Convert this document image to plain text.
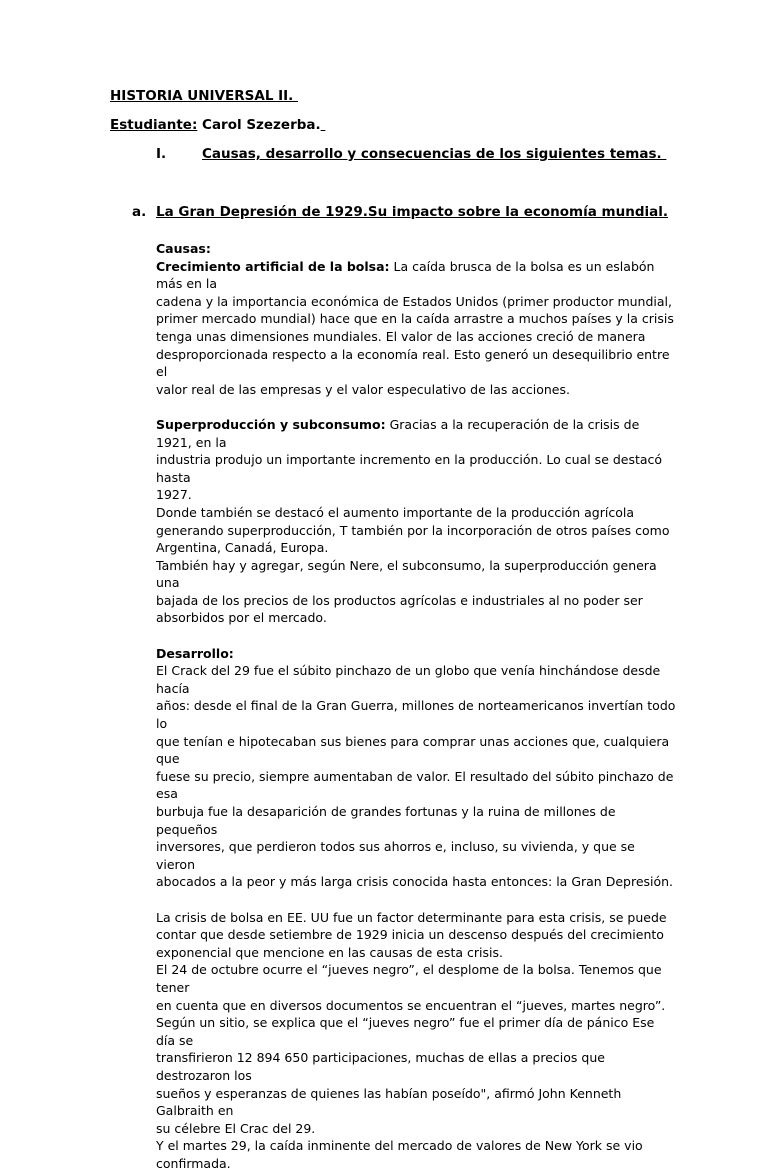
HISTORIA UNIVERSAL II.
Estudiante: Carol Szezerba.

I.

	Causas, desarrollo y consecuencias de los siguientes temas.

a.

La Gran Depresión de 1929.Su impacto sobre la economía mundial.

Causas:

Crecimiento artificial de la bolsa: La caída brusca de la bolsa es un eslabón más en la
cadena y la importancia económica de Estados Unidos (primer productor mundial,
primer mercado mundial) hace que en la caída arrastre a muchos países y la crisis
tenga unas dimensiones mundiales. El valor de las acciones creció de manera
desproporcionada respecto a la economía real. Esto generó un desequilibrio entre el
valor real de las empresas y el valor especulativo de las acciones.

Superproducción y subconsumo: Gracias a la recuperación de la crisis de 1921, en la
industria produjo un importante incremento en la producción. Lo cual se destacó hasta
1927.
Donde también se destacó el aumento importante de la producción agrícola
generando superproducción, T también por la incorporación de otros países como
Argentina, Canadá, Europa.
También hay y agregar, según Nere, el subconsumo, la superproducción genera una
bajada de los precios de los productos agrícolas e industriales al no poder ser
absorbidos por el mercado.

Desarrollo:

El Crack del 29 fue el súbito pinchazo de un globo que venía hinchándose desde hacía
años: desde el final de la Gran Guerra, millones de norteamericanos invertían todo lo
que tenían e hipotecaban sus bienes para comprar unas acciones que, cualquiera que
fuese su precio, siempre aumentaban de valor. El resultado del súbito pinchazo de esa
burbuja fue la desaparición de grandes fortunas y la ruina de millones de pequeños
inversores, que perdieron todos sus ahorros e, incluso, su vivienda, y que se vieron
abocados a la peor y más larga crisis conocida hasta entonces: la Gran Depresión.

La crisis de bolsa en EE. UU fue un factor determinante para esta crisis, se puede
contar que desde setiembre de 1929 inicia un descenso después del crecimiento
exponencial que mencione en las causas de esta crisis.
El 24 de octubre ocurre el “jueves negro”, el desplome de la bolsa. Tenemos que tener
en cuenta que en diversos documentos se encuentran el “jueves, martes negro”.
Según un sitio, se explica que el “jueves negro” fue el primer día de pánico Ese día se
transfirieron 12 894 650 participaciones, muchas de ellas a precios que destrozaron los
sueños y esperanzas de quienes las habían poseído", afirmó John Kenneth Galbraith en
su célebre El Crac del 29.
Y el martes 29, la caída inminente del mercado de valores de New York se vio
confirmada.
